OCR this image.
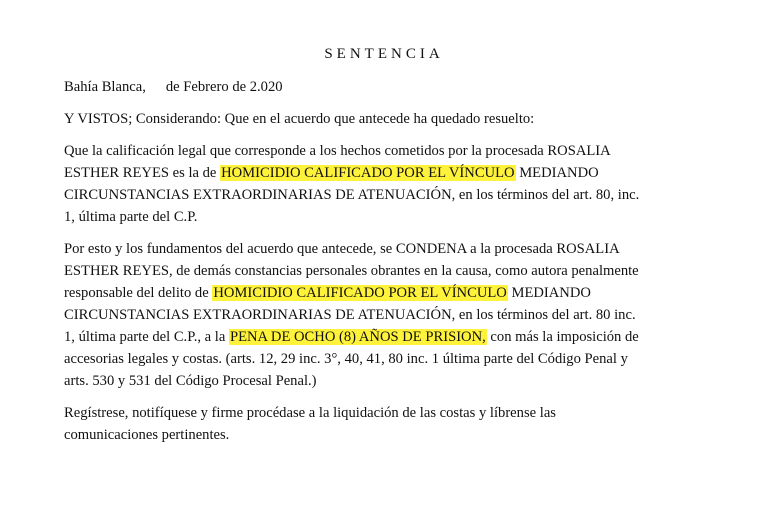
SENTENCIA
Bahía Blanca, de Febrero de 2.020
Y VISTOS; Considerando: Que en el acuerdo que antecede ha quedado resuelto:
Que la calificación legal que corresponde a los hechos cometidos por la procesada ROSALIA
ESTHER REYES es la de HOMICIDIO CALIFICADO POR EL VÍNCULO MEDIANDO
CIRCUNSTANCIAS EXTRAORDINARIAS DE ATENUACIÓN, en los términos del art. 80, inc.
1, última parte del C.P.
Por esto y los fundamentos del acuerdo que antecede, se CONDENA a la procesada ROSALIA
ESTHER REYES, de demás constancias personales obrantes en la causa, como autora penalmente
responsable del delito de HOMICIDIO CALIFICADO POR EL VÍNCULO MEDIANDO
CIRCUNSTANCIAS EXTRAORDINARIAS DE ATENUACIÓN, en los términos del art. 80 inc.
1, última parte del C.P., a la PENA DE OCHO (8) AÑOS DE PRISION, con más la imposición de
accesorias legales y costas. (arts. 12, 29 inc. 3°, 40, 41, 80 inc. 1 última parte del Código Penal y
arts. 530 y 531 del Código Procesal Penal.)
Regístrese, notifíquese y firme procédase a la liquidación de las costas y líbrense las
comunicaciones pertinentes.
